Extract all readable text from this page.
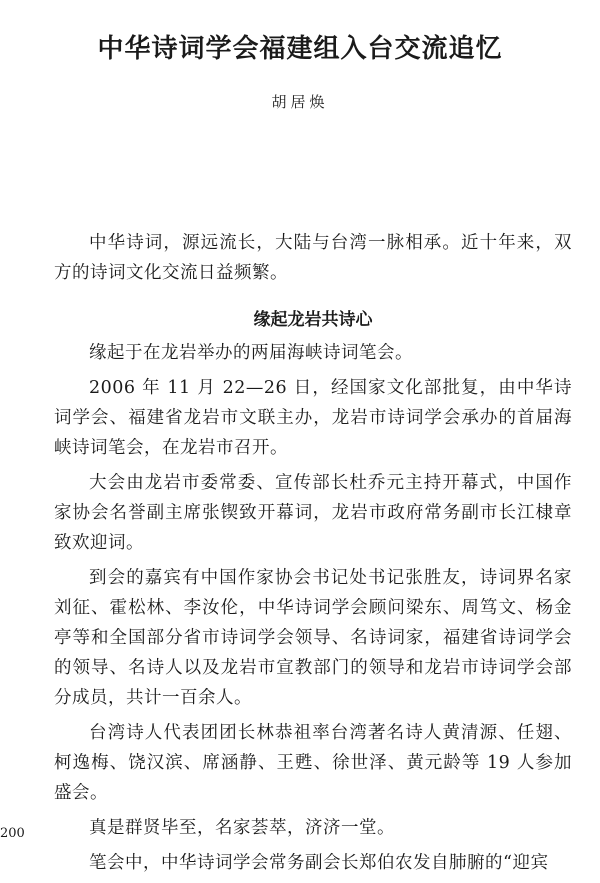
中华诗词学会福建组入台交流追忆
胡居焕

中华诗词，源远流长，大陆与台湾一脉相承。近十年来，双方的诗词文化交流日益频繁。

缘起龙岩共诗心

缘起于在龙岩举办的两届海峡诗词笔会。

2006 年 11 月 22—26 日，经国家文化部批复，由中华诗词学会、福建省龙岩市文联主办，龙岩市诗词学会承办的首届海峡诗词笔会，在龙岩市召开。

大会由龙岩市委常委、宣传部长杜乔元主持开幕式，中国作家协会名誉副主席张锲致开幕词，龙岩市政府常务副市长江棣章致欢迎词。

到会的嘉宾有中国作家协会书记处书记张胜友，诗词界名家刘征、霍松林、李汝伦，中华诗词学会顾问梁东、周笃文、杨金亭等和全国部分省市诗词学会领导、名诗词家，福建省诗词学会的领导、名诗人以及龙岩市宣教部门的领导和龙岩市诗词学会部分成员，共计一百余人。

台湾诗人代表团团长林恭祖率台湾著名诗人黄清源、任翅、柯逸梅、饶汉滨、席涵静、王甦、徐世泽、黄元龄等 19 人参加盛会。

真是群贤毕至，名家荟萃，济济一堂。

笔会中，中华诗词学会常务副会长郑伯农发自肺腑的“迎宾

200
